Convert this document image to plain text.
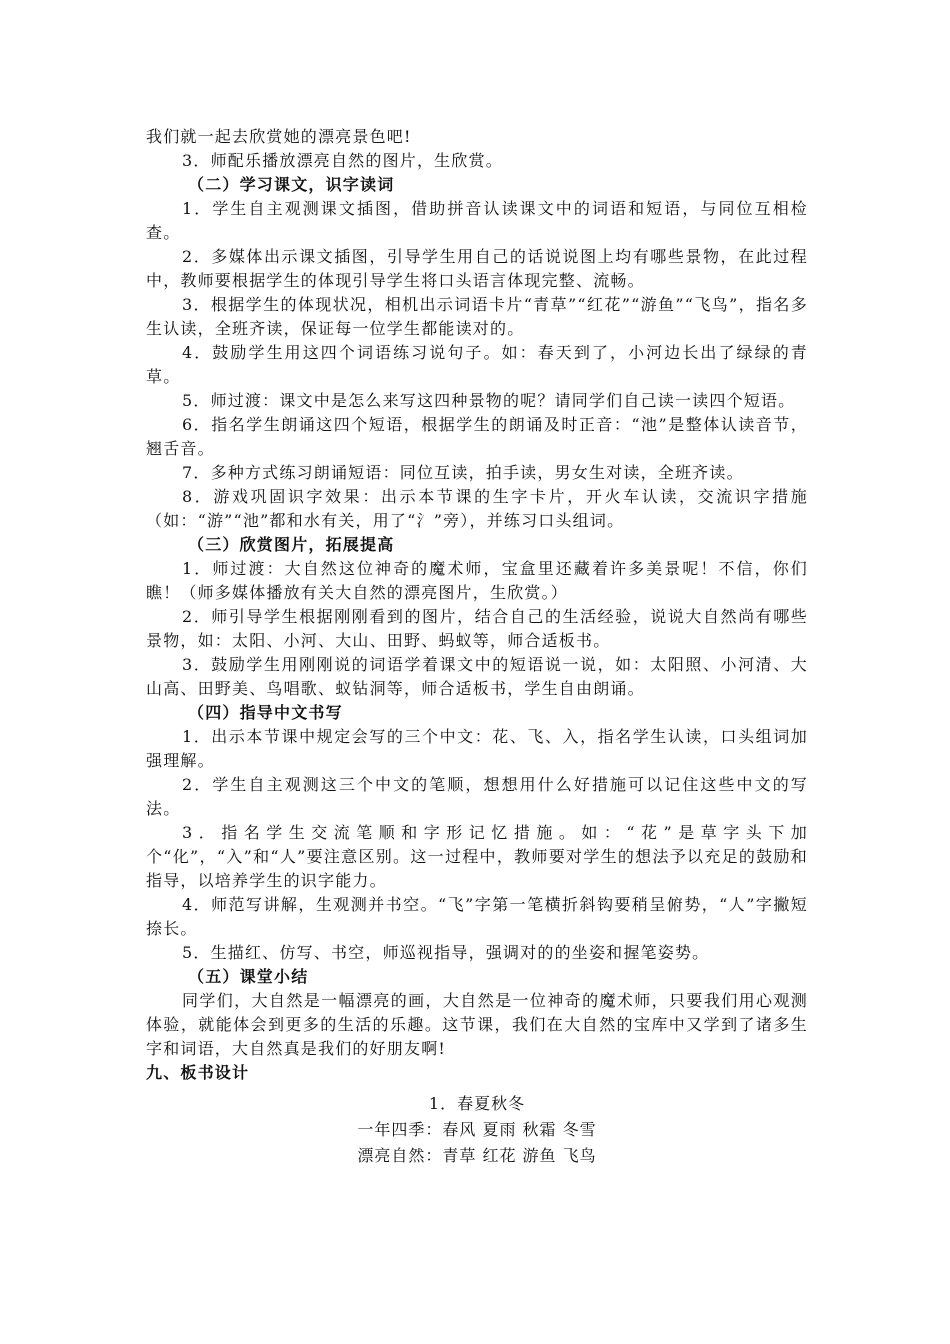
我们就一起去欣赏她的漂亮景色吧!

3．师配乐播放漂亮自然的图片，生欣赏。

（二）学习课文，识字读词

1．学生自主观测课文插图，借助拼音认读课文中的词语和短语，与同位互相检查。

2．多媒体出示课文插图，引导学生用自己的话说说图上均有哪些景物，在此过程中，教师要根据学生的体现引导学生将口头语言体现完整、流畅。

3．根据学生的体现状况，相机出示词语卡片“青草”“红花”“游鱼”“飞鸟”，指名多生认读，全班齐读，保证每一位学生都能读对的。

4．鼓励学生用这四个词语练习说句子。如：春天到了，小河边长出了绿绿的青草。

5．师过渡：课文中是怎么来写这四种景物的呢？请同学们自己读一读四个短语。

6．指名学生朗诵这四个短语，根据学生的朗诵及时正音：“池”是整体认读音节，翘舌音。

7．多种方式练习朗诵短语：同位互读，拍手读，男女生对读，全班齐读。

8．游戏巩固识字效果：出示本节课的生字卡片，开火车认读，交流识字措施（如：“游”“池”都和水有关，用了“氵”旁），并练习口头组词。

（三）欣赏图片，拓展提高

1．师过渡：大自然这位神奇的魔术师，宝盒里还藏着许多美景呢！不信，你们瞧！（师多媒体播放有关大自然的漂亮图片，生欣赏。）

2．师引导学生根据刚刚看到的图片，结合自己的生活经验，说说大自然尚有哪些景物，如：太阳、小河、大山、田野、蚂蚁等，师合适板书。

3．鼓励学生用刚刚说的词语学着课文中的短语说一说，如：太阳照、小河清、大山高、田野美、鸟唱歌、蚁钻洞等，师合适板书，学生自由朗诵。

（四）指导中文书写

1．出示本节课中规定会写的三个中文：花、飞、入，指名学生认读，口头组词加强理解。

2．学生自主观测这三个中文的笔顺，想想用什么好措施可以记住这些中文的写法。

3．指名学生交流笔顺和字形记忆措施。如：“花”是草字头下加个“化”，“入”和“人”要注意区别。这一过程中，教师要对学生的想法予以充足的鼓励和指导，以培养学生的识字能力。

4．师范写讲解，生观测并书空。“飞”字第一笔横折斜钩要稍呈俯势，“人”字撇短捺长。

5．生描红、仿写、书空，师巡视指导，强调对的的坐姿和握笔姿势。

（五）课堂小结

同学们，大自然是一幅漂亮的画，大自然是一位神奇的魔术师，只要我们用心观测体验，就能体会到更多的生活的乐趣。这节课，我们在大自然的宝库中又学到了诸多生字和词语，大自然真是我们的好朋友啊!

九、板书设计

1．春夏秋冬
一年四季：春风 夏雨 秋霜 冬雪
漂亮自然：青草 红花 游鱼 飞鸟
